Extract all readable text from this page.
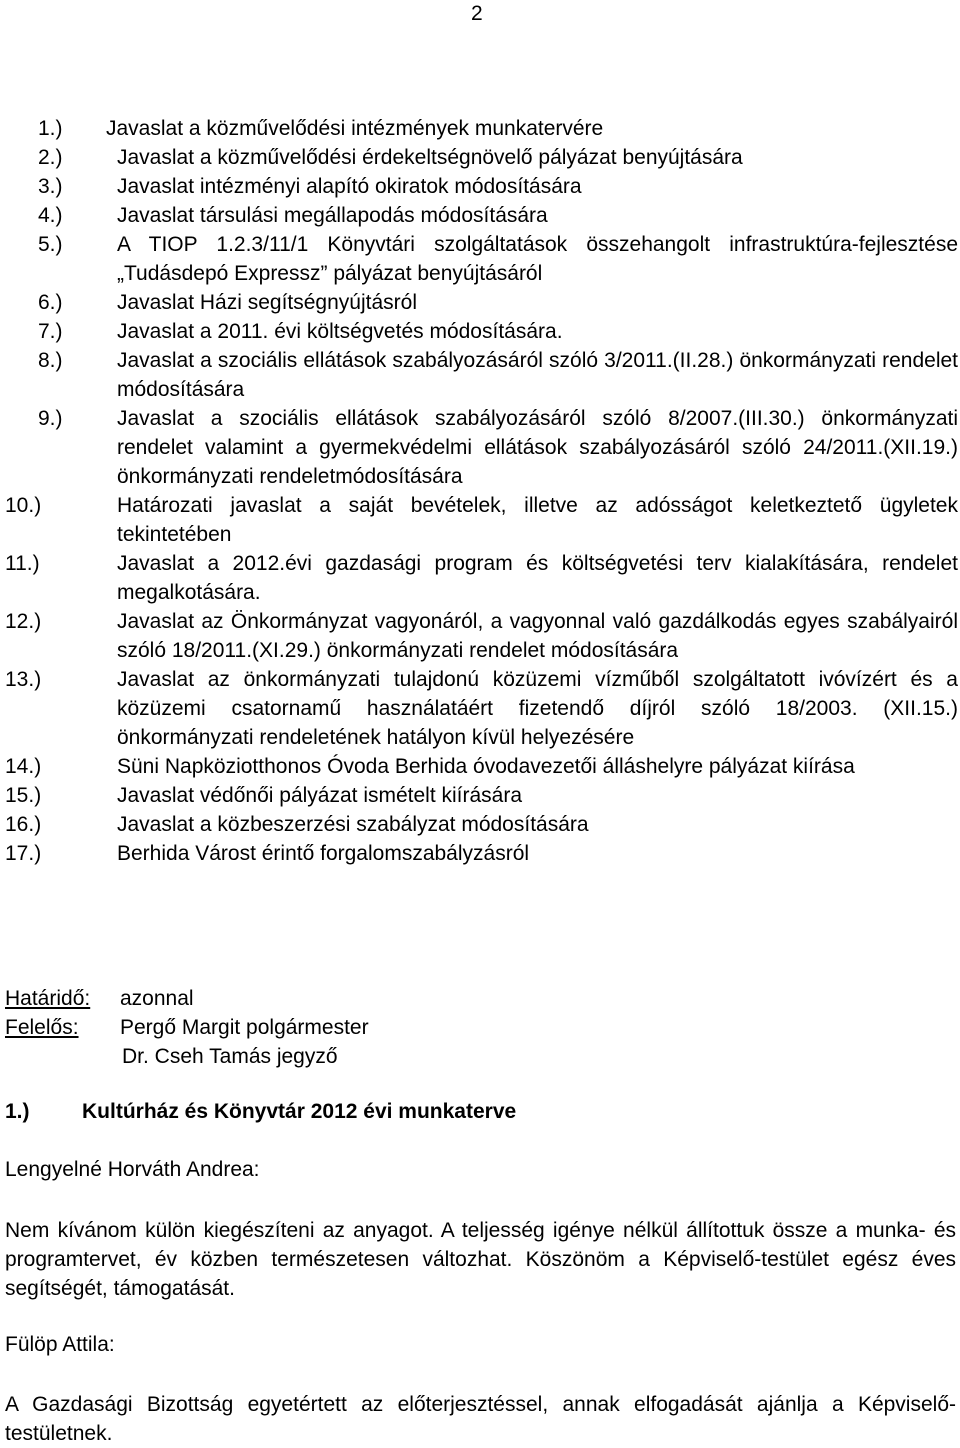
2
1.) Javaslat a közművelődési intézmények munkatervére
2.)	Javaslat a közművelődési érdekeltségnövelő pályázat benyújtására
3.)	Javaslat intézményi alapító okiratok módosítására
4.)	Javaslat társulási megállapodás módosítására
5.)	A TIOP 1.2.3/11/1 Könyvtári szolgáltatások összehangolt infrastruktúra-fejlesztése „Tudásdepó Expressz” pályázat benyújtásáról
6.)	Javaslat Házi segítségnyújtásról
7.)	Javaslat a 2011. évi költségvetés módosítására.
8.)	Javaslat a szociális ellátások szabályozásáról szóló 3/2011.(II.28.) önkormányzati rendelet módosítására
9.)	Javaslat a szociális ellátások szabályozásáról szóló 8/2007.(III.30.) önkormányzati rendelet valamint a gyermekvédelmi ellátások szabályozásáról szóló 24/2011.(XII.19.) önkormányzati rendeletmódosítására
10.)	Határozati javaslat a saját bevételek, illetve az adósságot keletkeztető ügyletek tekintetében
11.)	Javaslat a 2012.évi gazdasági program és költségvetési terv kialakítására, rendelet megalkotására.
12.)	Javaslat az Önkormányzat vagyonáról, a vagyonnal való gazdálkodás egyes szabályairól szóló 18/2011.(XI.29.) önkormányzati rendelet módosítására
13.)	Javaslat az önkormányzati tulajdonú közüzemi vízműből szolgáltatott ivóvízért és a közüzemi csatornamű használatáért fizetendő díjról szóló 18/2003. (XII.15.) önkormányzati rendeletének hatályon kívül helyezésére
14.)	Süni Napköziotthonos Óvoda Berhida óvodavezetői álláshelyre pályázat kiírása
15.)	Javaslat védőnői pályázat ismételt kiírására
16.)	Javaslat a közbeszerzési szabályzat módosítására
17.)	Berhida Várost érintő forgalomszabályzásról
Határidő: azonnal
Felelős: Pergő Margit polgármester
Dr. Cseh Tamás jegyző
1.) Kultúrház és Könyvtár 2012 évi munkaterve
Lengyelné Horváth Andrea:

Nem kívánom külön kiegészíteni az anyagot. A teljesség igénye nélkül állítottuk össze a munka- és programtervet, év közben természetesen változhat. Köszönöm a Képviselő-testület egész éves segítségét, támogatását.

Fülöp Attila:

A Gazdasági Bizottság egyetértett az előterjesztéssel, annak elfogadását ajánlja a Képviselő-testületnek.
